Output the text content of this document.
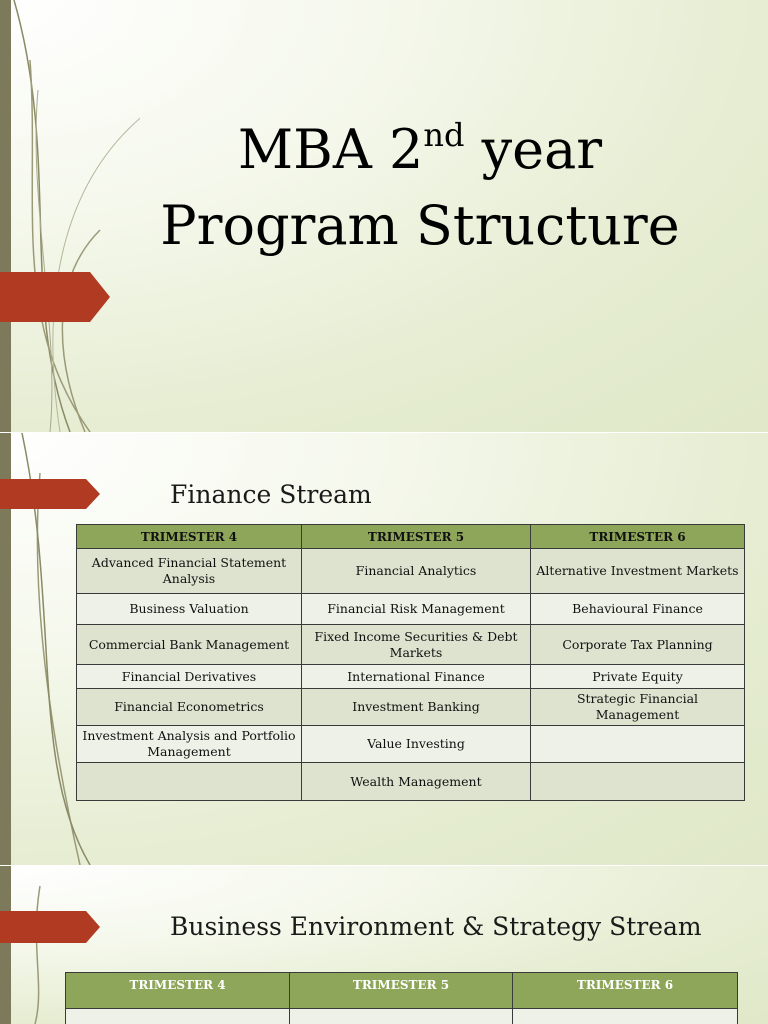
MBA 2nd year
Program Structure
Finance Stream
TRIMESTER 4	TRIMESTER 5	TRIMESTER 6
Advanced Financial Statement Analysis	Financial Analytics	Alternative Investment Markets
Business Valuation	Financial Risk Management	Behavioural Finance
Commercial Bank Management	Fixed Income Securities & Debt Markets	Corporate Tax Planning
Financial Derivatives	International Finance	Private Equity
Financial Econometrics	Investment Banking	Strategic Financial Management
Investment Analysis and Portfolio Management	Value Investing	
	Wealth Management	
Business Environment & Strategy Stream
TRIMESTER 4	TRIMESTER 5	TRIMESTER 6
